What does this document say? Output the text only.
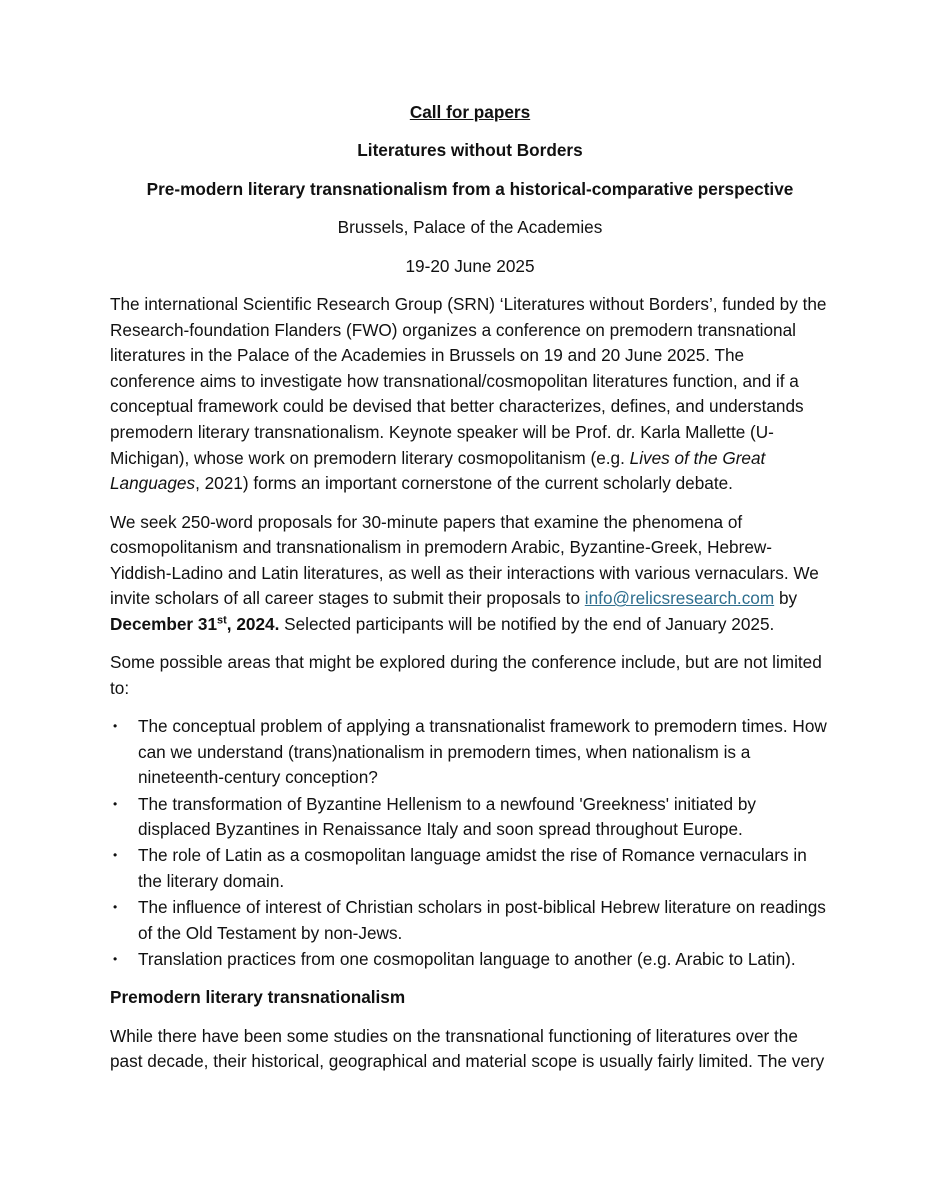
Call for papers
Literatures without Borders
Pre-modern literary transnationalism from a historical-comparative perspective
Brussels, Palace of the Academies
19-20 June 2025

The international Scientific Research Group (SRN) ‘Literatures without Borders’, funded by the Research-foundation Flanders (FWO) organizes a conference on premodern transnational literatures in the Palace of the Academies in Brussels on 19 and 20 June 2025. The conference aims to investigate how transnational/cosmopolitan literatures function, and if a conceptual framework could be devised that better characterizes, defines, and understands premodern literary transnationalism. Keynote speaker will be Prof. dr. Karla Mallette (U-Michigan), whose work on premodern literary cosmopolitanism (e.g. Lives of the Great Languages, 2021) forms an important cornerstone of the current scholarly debate.

We seek 250-word proposals for 30-minute papers that examine the phenomena of cosmopolitanism and transnationalism in premodern Arabic, Byzantine-Greek, Hebrew-Yiddish-Ladino and Latin literatures, as well as their interactions with various vernaculars. We invite scholars of all career stages to submit their proposals to info@relicsresearch.com by December 31st, 2024. Selected participants will be notified by the end of January 2025.

Some possible areas that might be explored during the conference include, but are not limited to:

• The conceptual problem of applying a transnationalist framework to premodern times. How can we understand (trans)nationalism in premodern times, when nationalism is a nineteenth-century conception?
• The transformation of Byzantine Hellenism to a newfound 'Greekness' initiated by displaced Byzantines in Renaissance Italy and soon spread throughout Europe.
• The role of Latin as a cosmopolitan language amidst the rise of Romance vernaculars in the literary domain.
• The influence of interest of Christian scholars in post-biblical Hebrew literature on readings of the Old Testament by non-Jews.
• Translation practices from one cosmopolitan language to another (e.g. Arabic to Latin).
Premodern literary transnationalism

While there have been some studies on the transnational functioning of literatures over the past decade, their historical, geographical and material scope is usually fairly limited. The very
